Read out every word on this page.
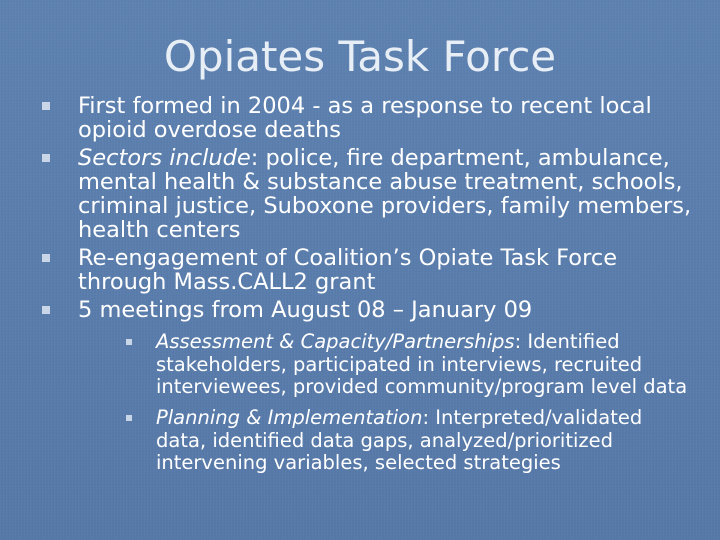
Opiates Task Force
First formed in 2004 - as a response to recent local opioid overdose deaths
Sectors include: police, fire department, ambulance, mental health & substance abuse treatment, schools, criminal justice, Suboxone providers, family members, health centers
Re-engagement of Coalition’s Opiate Task Force through Mass.CALL2 grant
5 meetings from August 08 – January 09
Assessment & Capacity/Partnerships: Identified
stakeholders, participated in interviews, recruited interviewees, provided community/program level data
Planning & Implementation: Interpreted/validated
data, identified data gaps, analyzed/prioritized intervening variables, selected strategies
